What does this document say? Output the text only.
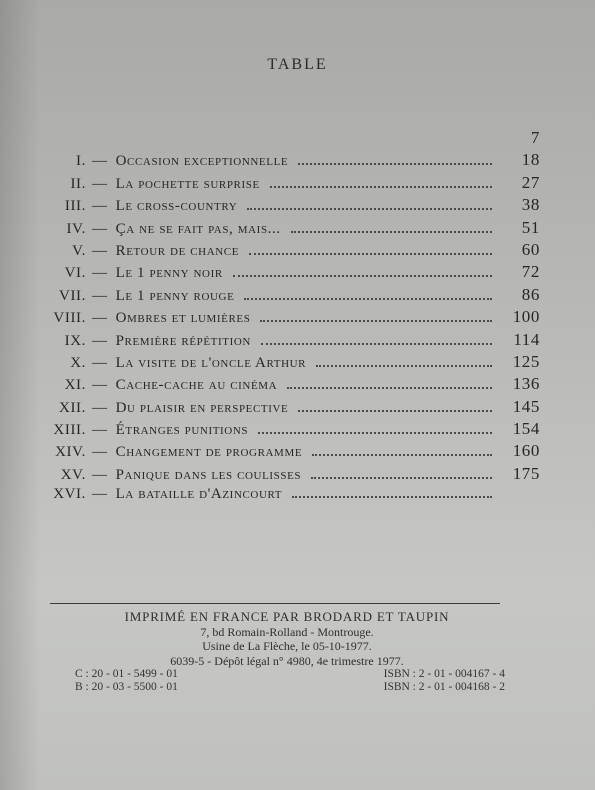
TABLE
7
I. — Occasion exceptionnelle	18
II. — La pochette surprise	27
III. — Le cross-country	38
IV. — Ça ne se fait pas, mais...	51
V. — Retour de chance	60
VI. — Le 1 penny noir	72
VII. — Le 1 penny rouge	86
VIII. — Ombres et lumières	100
IX. — Première répétition	114
X. — La visite de l'oncle Arthur	125
XI. — Cache-cache au cinéma	136
XII. — Du plaisir en perspective	145
XIII. — Étranges punitions	154
XIV. — Changement de programme	160
XV. — Panique dans les coulisses	175
XVI. — La bataille d'Azincourt
IMPRIMÉ EN FRANCE PAR BRODARD ET TAUPIN
7, bd Romain-Rolland - Montrouge.
Usine de La Flèche, le 05-10-1977.
6039-5 - Dépôt légal n° 4980, 4e trimestre 1977.
C : 20 - 01 - 5499 - 01	ISBN : 2 - 01 - 004167 - 4
B : 20 - 03 - 5500 - 01	ISBN : 2 - 01 - 004168 - 2
